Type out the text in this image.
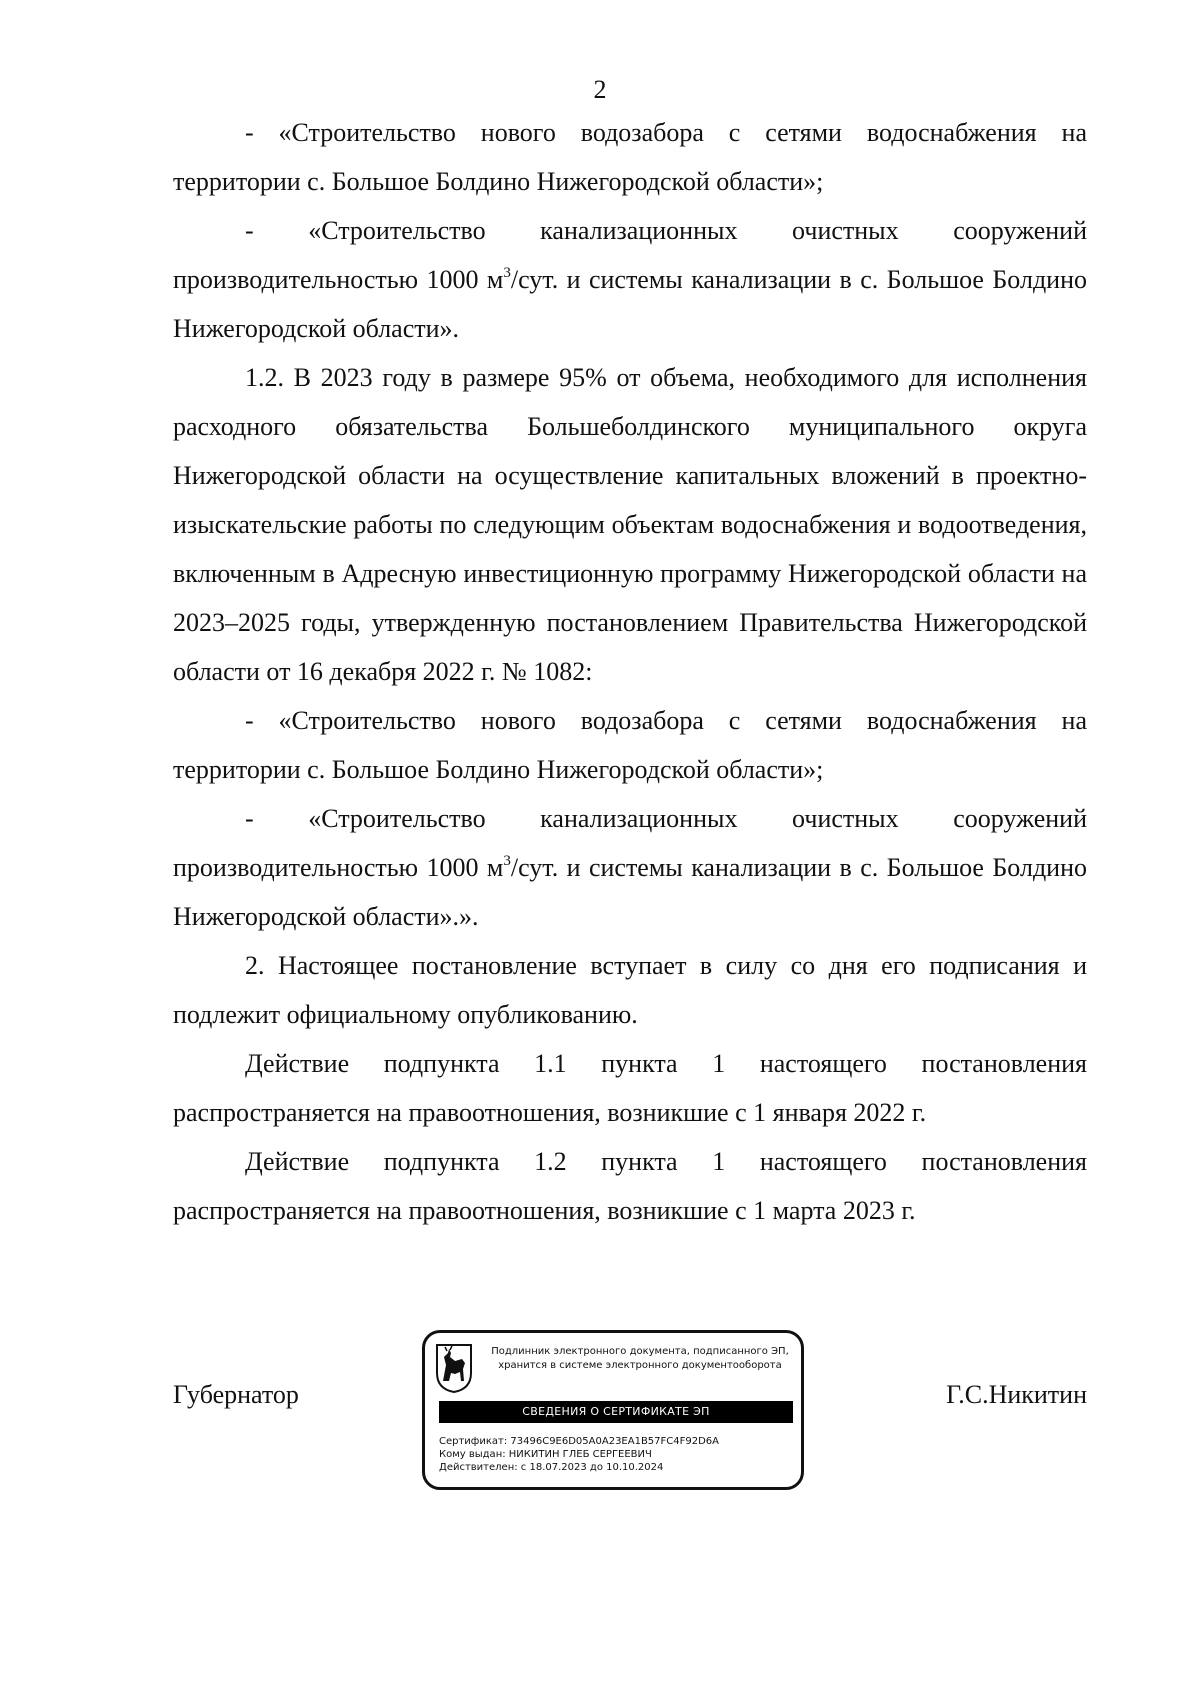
2

- «Строительство нового водозабора с сетями водоснабжения на территории с. Большое Болдино Нижегородской области»;

- «Строительство канализационных очистных сооружений производительностью 1000 $м^3$/сут. и системы канализации в с. Большое Болдино Нижегородской области».

1.2. В 2023 году в размере 95% от объема, необходимого для исполнения расходного обязательства Большеболдинского муниципального округа Нижегородской области на осуществление капитальных вложений в проектно-изыскательские работы по следующим объектам водоснабжения и водоотведения, включенным в Адресную инвестиционную программу Нижегородской области на 2023–2025 годы, утвержденную постановлением Правительства Нижегородской области от 16 декабря 2022 г. № 1082:

- «Строительство нового водозабора с сетями водоснабжения на территории с. Большое Болдино Нижегородской области»;

- «Строительство канализационных очистных сооружений производительностью 1000 $м^3$/сут. и системы канализации в с. Большое Болдино Нижегородской области».».

2. Настоящее постановление вступает в силу со дня его подписания и подлежит официальному опубликованию.

Действие подпункта 1.1 пункта 1 настоящего постановления распространяется на правоотношения, возникшие с 1 января 2022 г.

Действие подпункта 1.2 пункта 1 настоящего постановления распространяется на правоотношения, возникшие с 1 марта 2023 г.

Губернатор	Г.С.Никитин
Подлинник электронного документа, подписанного ЭП,
хранится в системе электронного документооборота
СВЕДЕНИЯ О СЕРТИФИКАТЕ ЭП
Сертификат: 73496C9E6D05A0A23EA1B57FC4F92D6A
Кому выдан: НИКИТИН ГЛЕБ СЕРГЕЕВИЧ
Действителен: с 18.07.2023 до 10.10.2024
